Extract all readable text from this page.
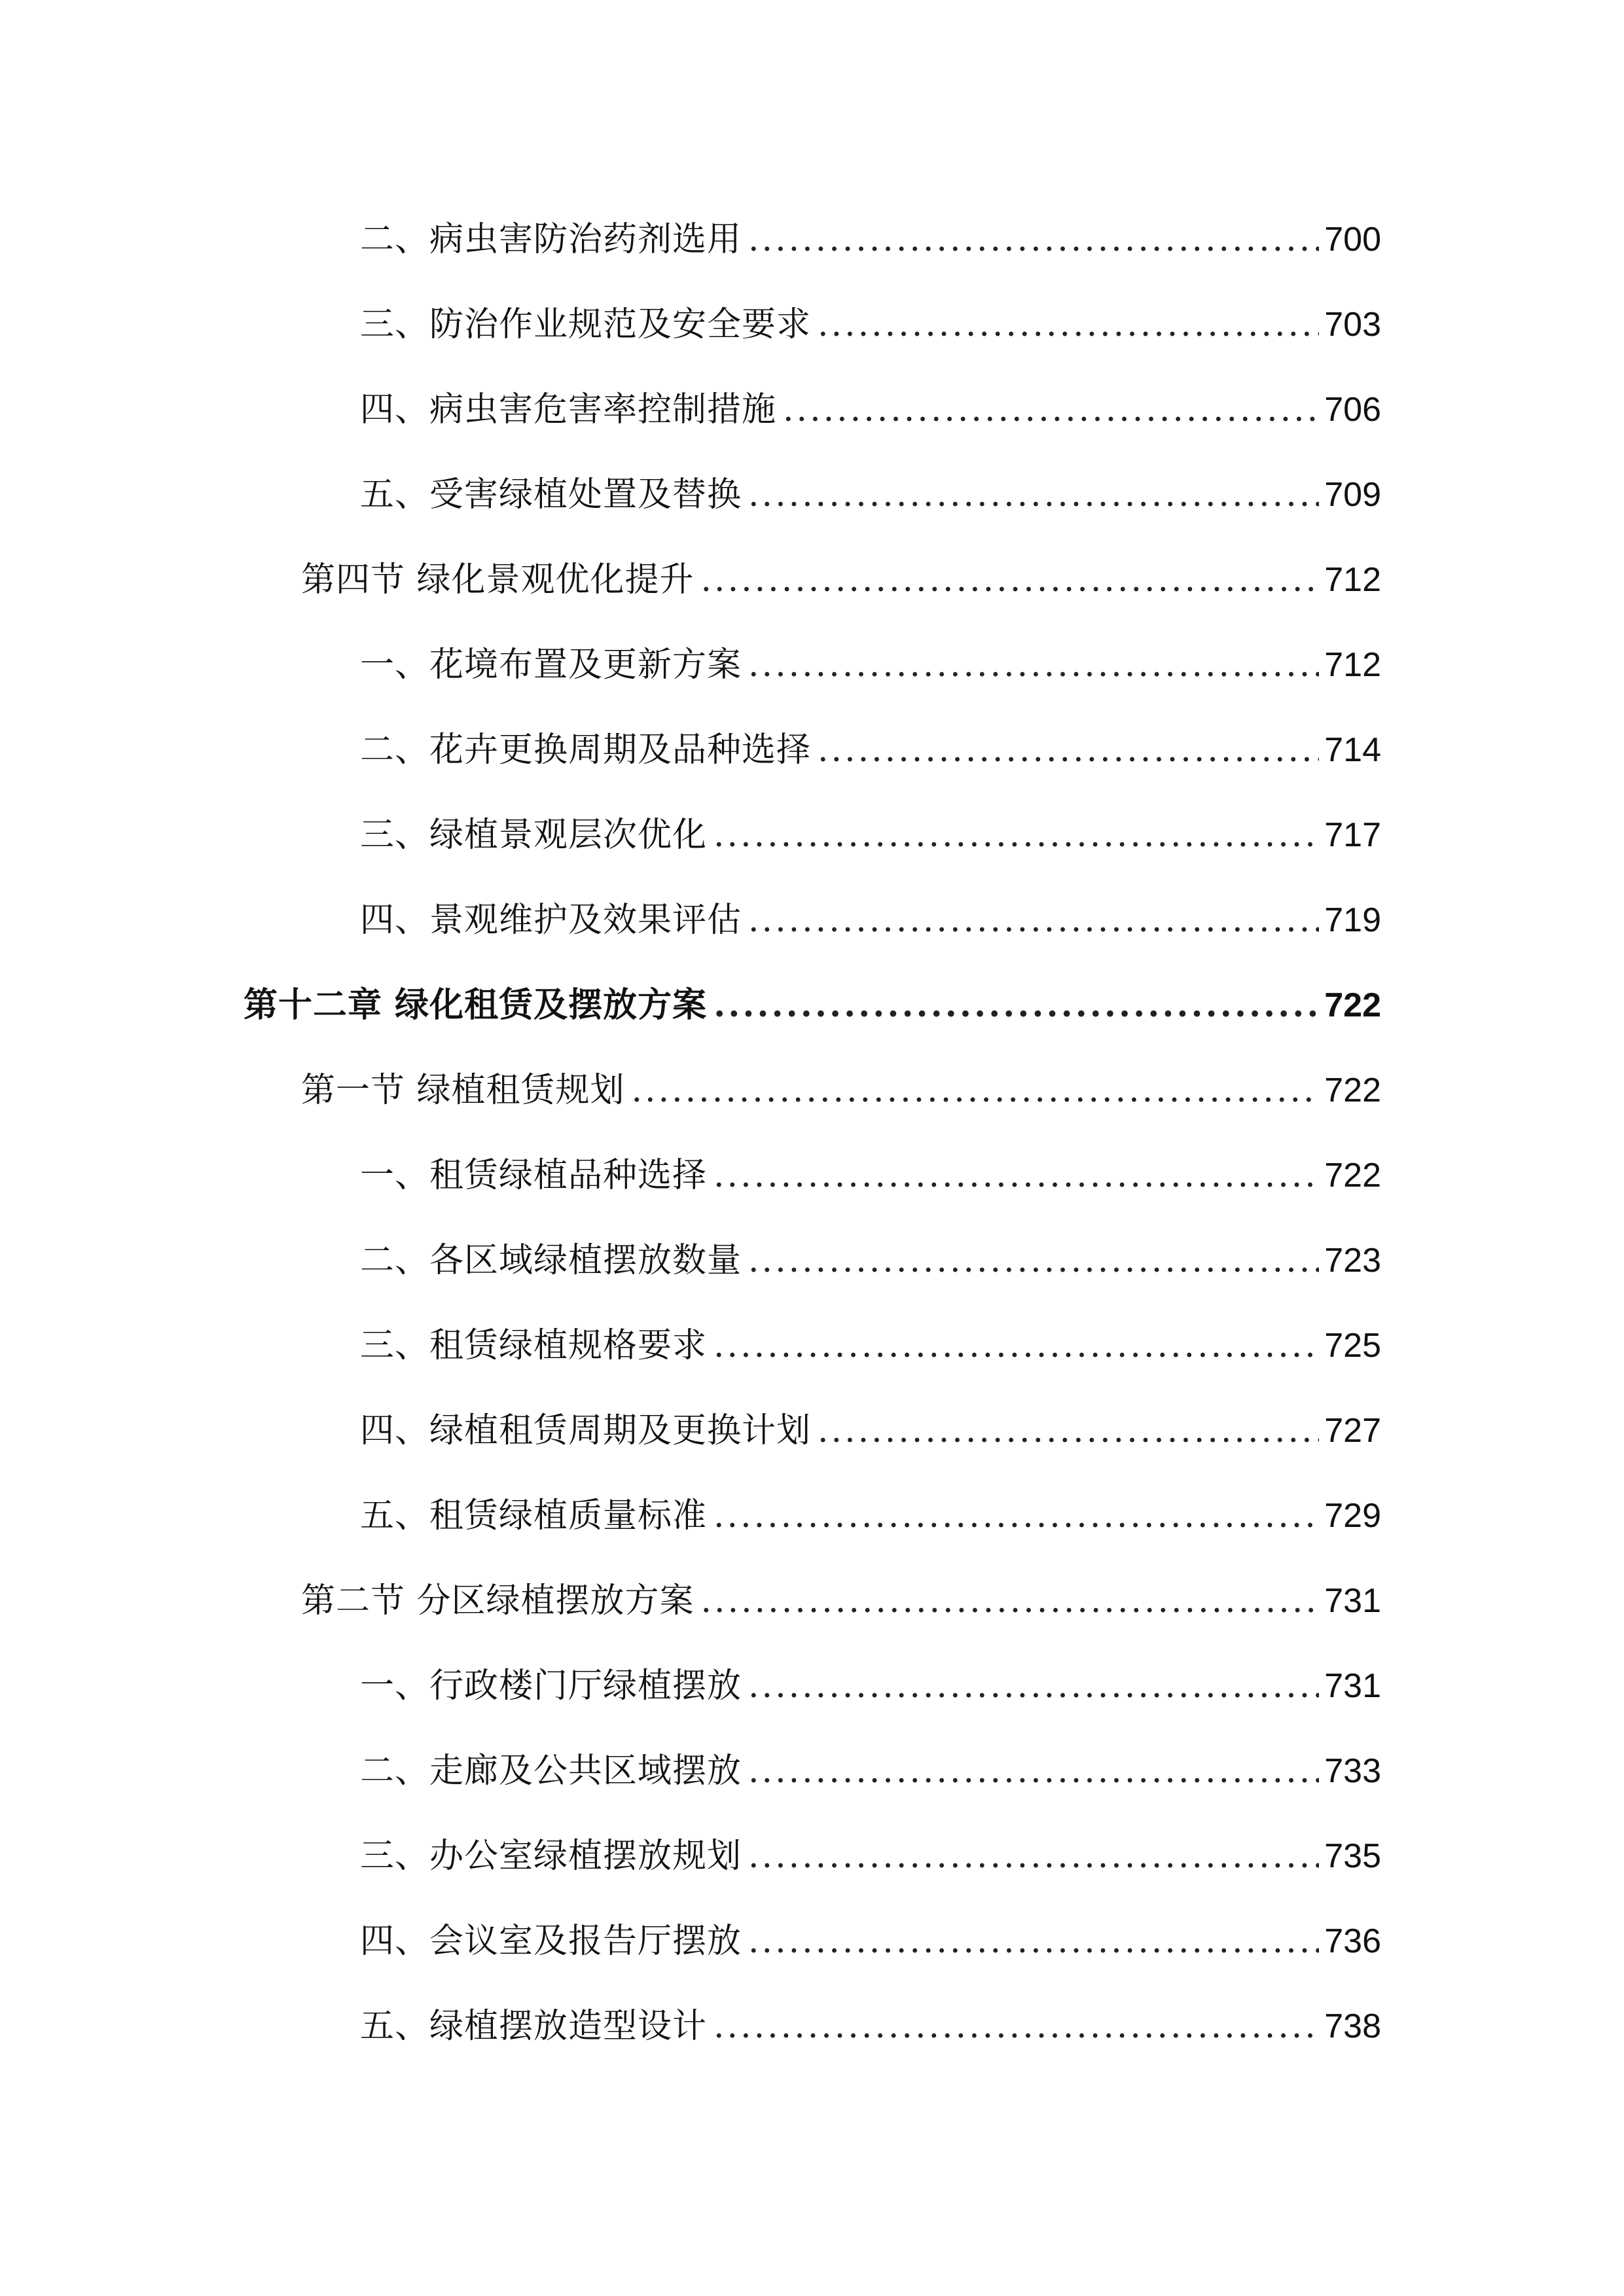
二、病虫害防治药剂选用 .....	700
三、防治作业规范及安全要求 .....	703
四、病虫害危害率控制措施 .....	706
五、受害绿植处置及替换 .....	709
第四节 绿化景观优化提升 .....	712
一、花境布置及更新方案 .....	712
二、花卉更换周期及品种选择 .....	714
三、绿植景观层次优化 .....	717
四、景观维护及效果评估 .....	719
第十二章 绿化租赁及摆放方案 .....	722
第一节 绿植租赁规划 .....	722
一、租赁绿植品种选择 .....	722
二、各区域绿植摆放数量 .....	723
三、租赁绿植规格要求 .....	725
四、绿植租赁周期及更换计划 .....	727
五、租赁绿植质量标准 .....	729
第二节 分区绿植摆放方案 .....	731
一、行政楼门厅绿植摆放 .....	731
二、走廊及公共区域摆放 .....	733
三、办公室绿植摆放规划 .....	735
四、会议室及报告厅摆放 .....	736
五、绿植摆放造型设计 .....	738
